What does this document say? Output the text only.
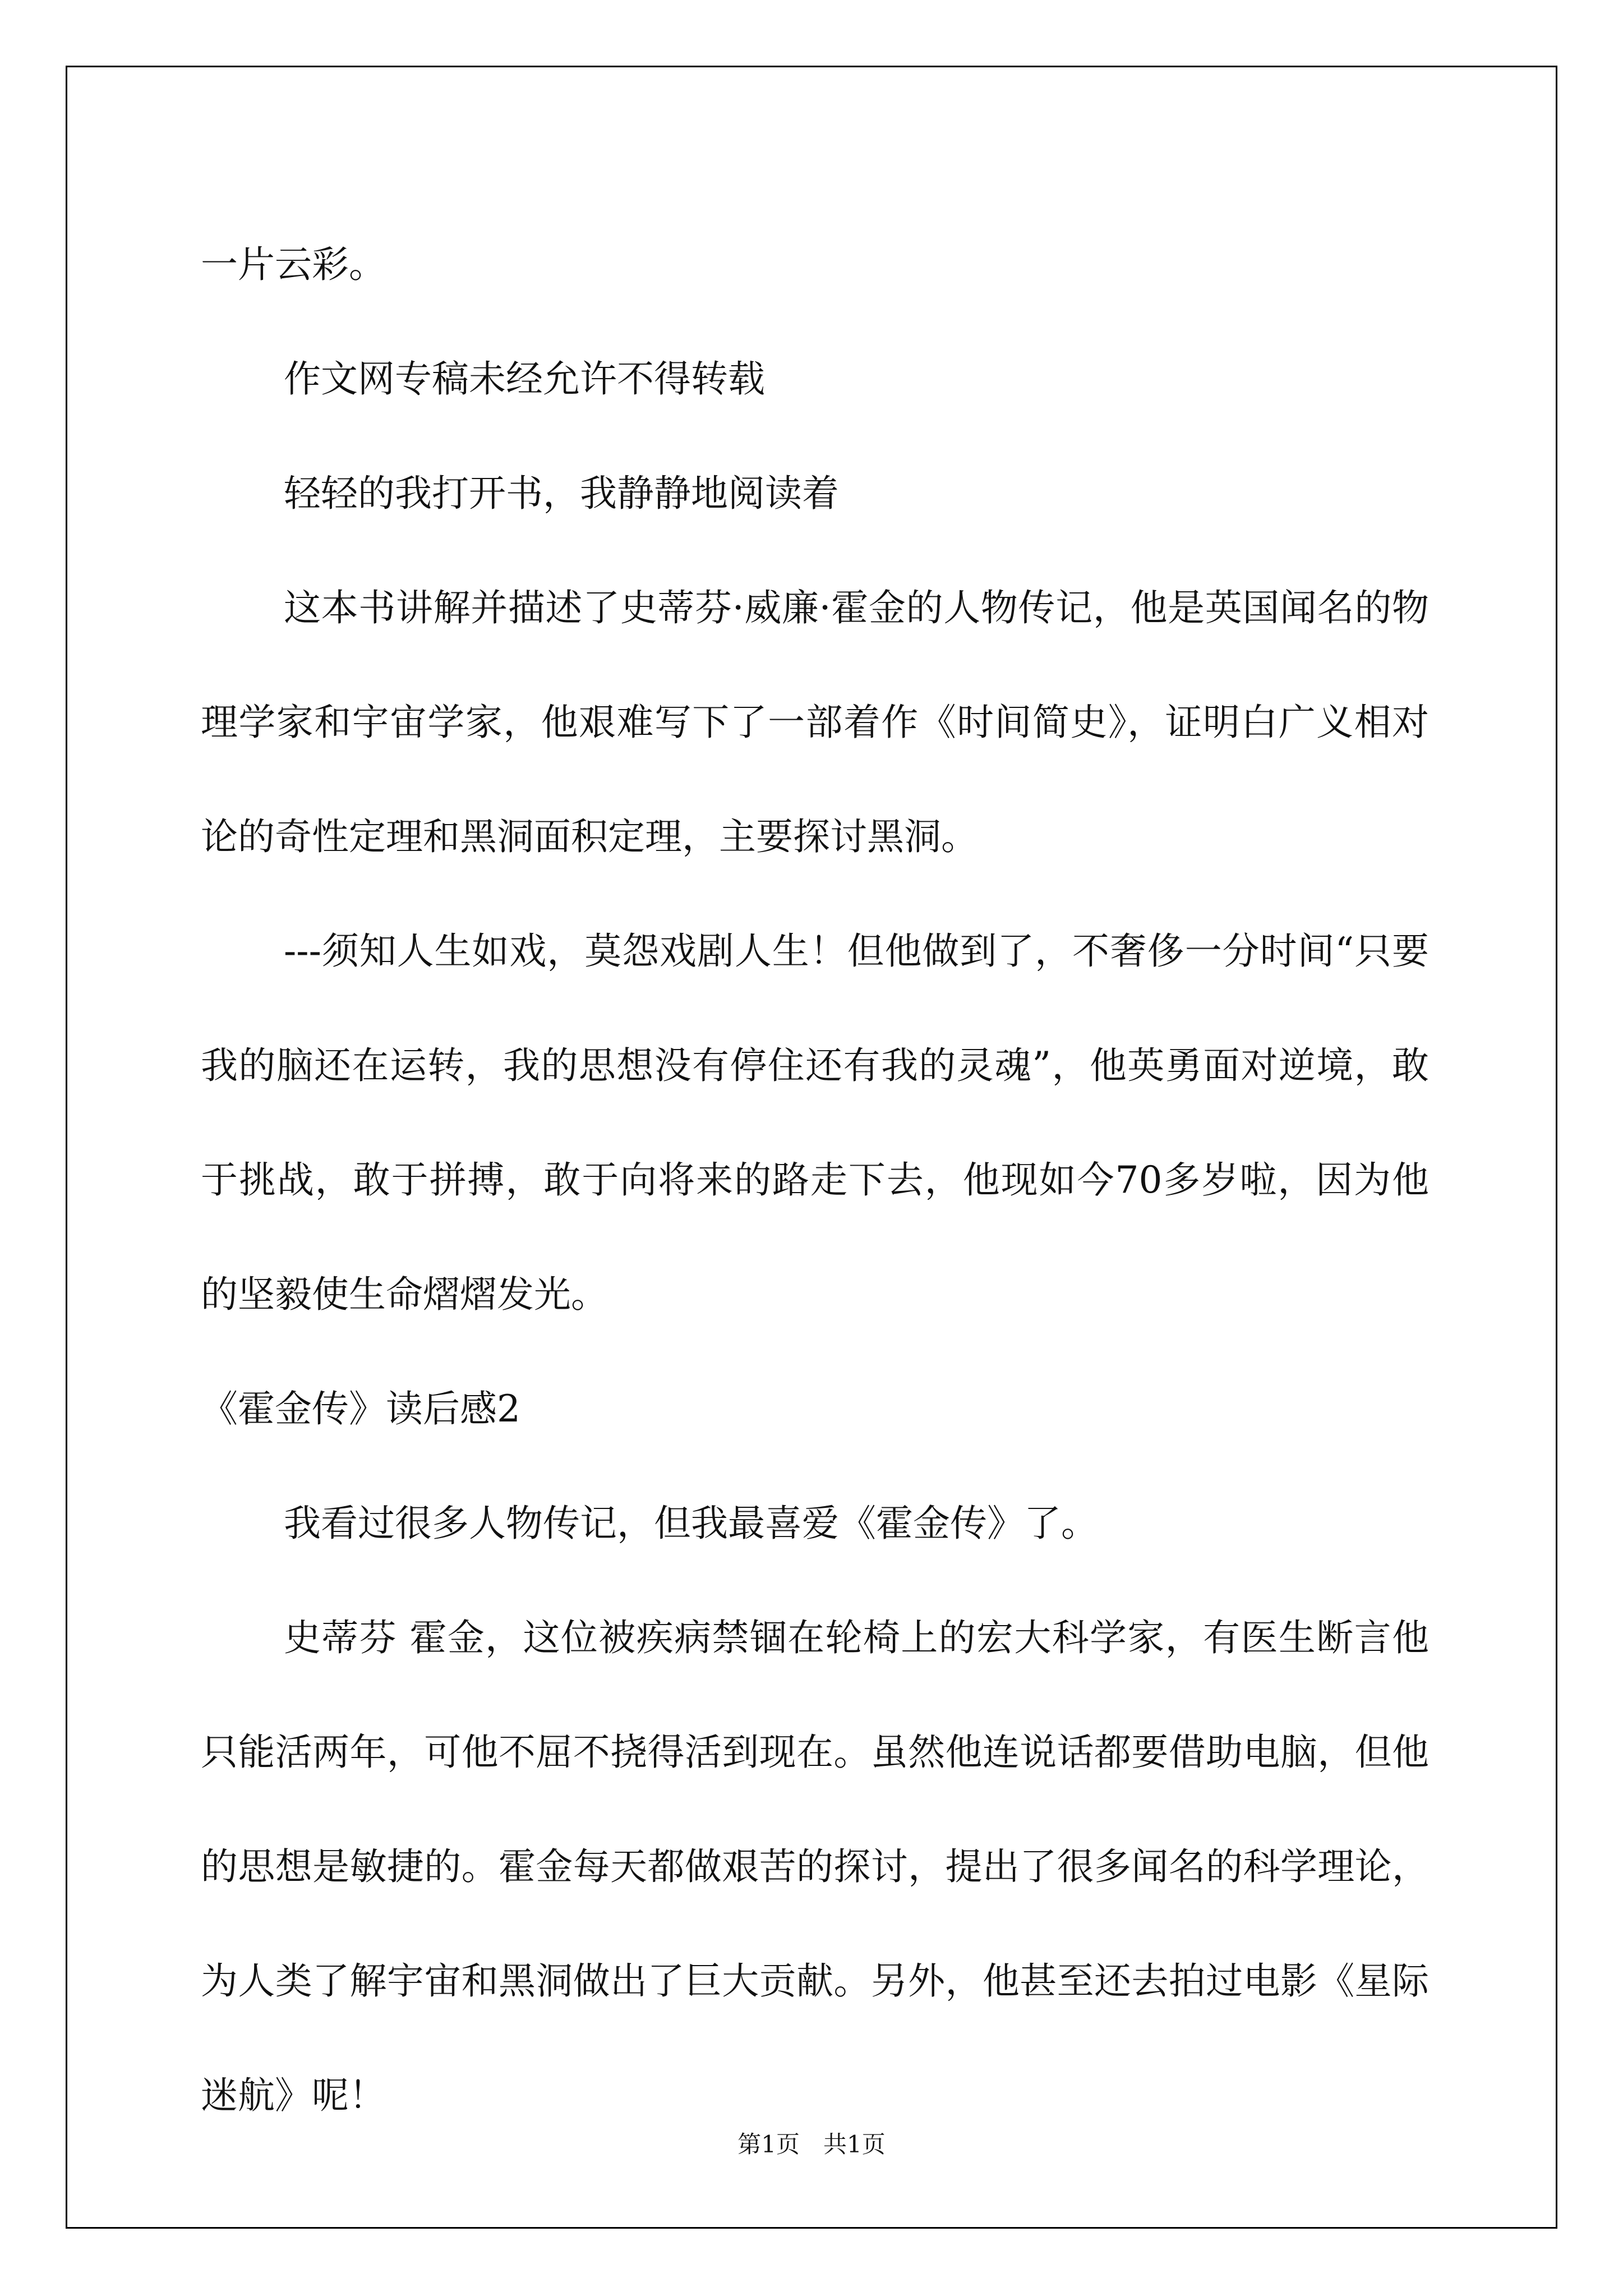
一片云彩。

作文网专稿未经允许不得转载

轻轻的我打开书，我静静地阅读着

这本书讲解并描述了史蒂芬·威廉·霍金的人物传记，他是英国闻名的物理学家和宇宙学家，他艰难写下了一部着作《时间简史》，证明白广义相对论的奇性定理和黑洞面积定理，主要探讨黑洞。

---须知人生如戏，莫怨戏剧人生！但他做到了，不奢侈一分时间“只要我的脑还在运转，我的思想没有停住还有我的灵魂”，他英勇面对逆境，敢于挑战，敢于拼搏，敢于向将来的路走下去，他现如今70多岁啦，因为他的坚毅使生命熠熠发光。

《霍金传》读后感2

我看过很多人物传记，但我最喜爱《霍金传》了。

史蒂芬 霍金，这位被疾病禁锢在轮椅上的宏大科学家，有医生断言他只能活两年，可他不屈不挠得活到现在。虽然他连说话都要借助电脑，但他的思想是敏捷的。霍金每天都做艰苦的探讨，提出了很多闻名的科学理论，为人类了解宇宙和黑洞做出了巨大贡献。另外，他甚至还去拍过电影《星际迷航》呢！

第1页　共1页
